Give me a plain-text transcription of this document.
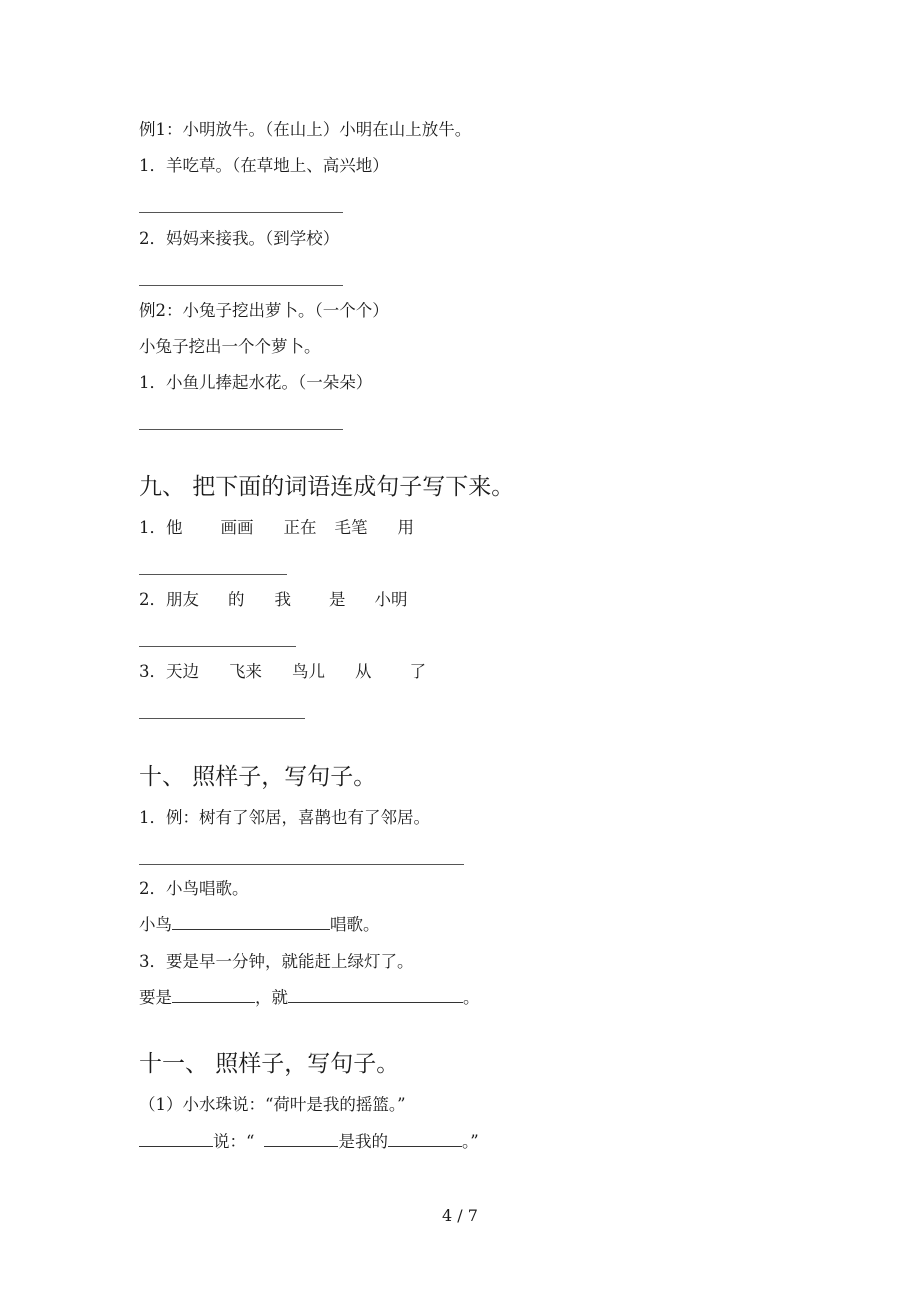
例1：小明放牛。（在山上）小明在山上放牛。
1．羊吃草。（在草地上、高兴地）
2．妈妈来接我。（到学校）
例2：小兔子挖出萝卜。（一个个）
小兔子挖出一个个萝卜。
1．小鱼儿捧起水花。（一朵朵）
九、 把下面的词语连成句子写下来。
1．他 画画 正在 毛笔 用
2．朋友 的 我 是 小明
3．天边 飞来 鸟儿 从 了
十、 照样子，写句子。
1．例：树有了邻居，喜鹊也有了邻居。
2．小鸟唱歌。
小鸟	唱歌。
3．要是早一分钟，就能赶上绿灯了。
要是	，就	。
十一、 照样子，写句子。
（1）小水珠说：“荷叶是我的摇篮。”
说：“	是我的	。”
4 / 7
